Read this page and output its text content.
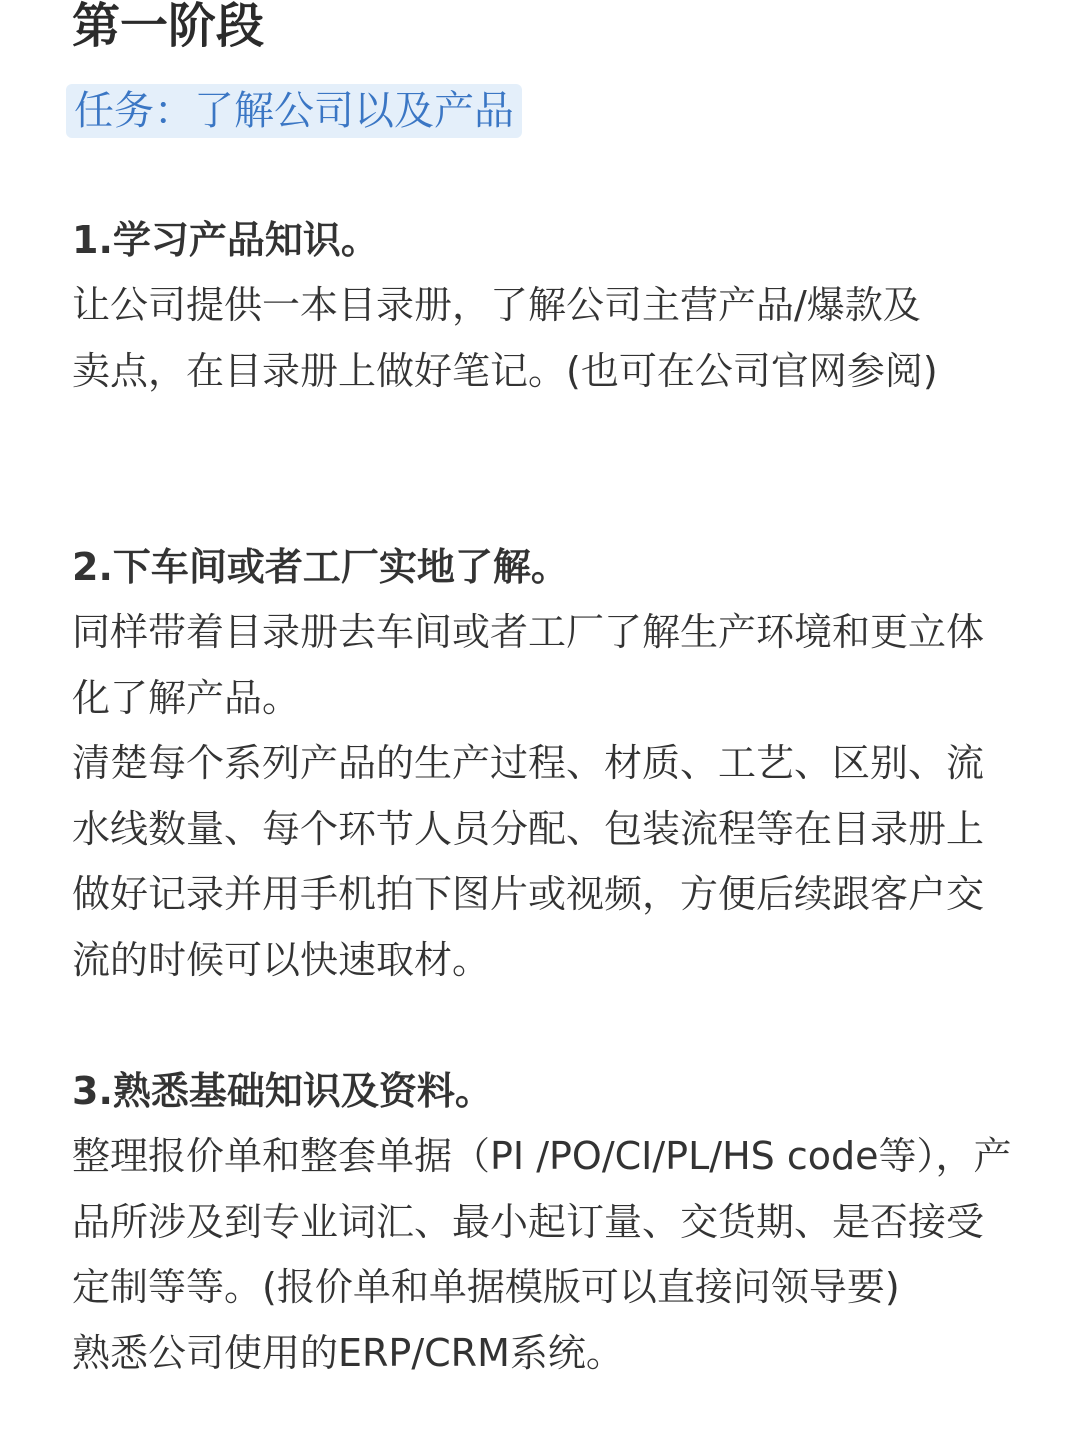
第一阶段
任务：了解公司以及产品
1.学习产品知识。

让公司提供一本目录册，了解公司主营产品/爆款及卖点，在目录册上做好笔记。(也可在公司官网参阅)

2.下车间或者工厂实地了解。

同样带着目录册去车间或者工厂了解生产环境和更立体化了解产品。

清楚每个系列产品的生产过程、材质、工艺、区别、流水线数量、每个环节人员分配、包装流程等在目录册上做好记录并用手机拍下图片或视频，方便后续跟客户交流的时候可以快速取材。

3.熟悉基础知识及资料。

整理报价单和整套单据（PI /PO/CI/PL/HS code等），产品所涉及到专业词汇、最小起订量、交货期、是否接受定制等等。(报价单和单据模版可以直接问领导要)

熟悉公司使用的ERP/CRM系统。
